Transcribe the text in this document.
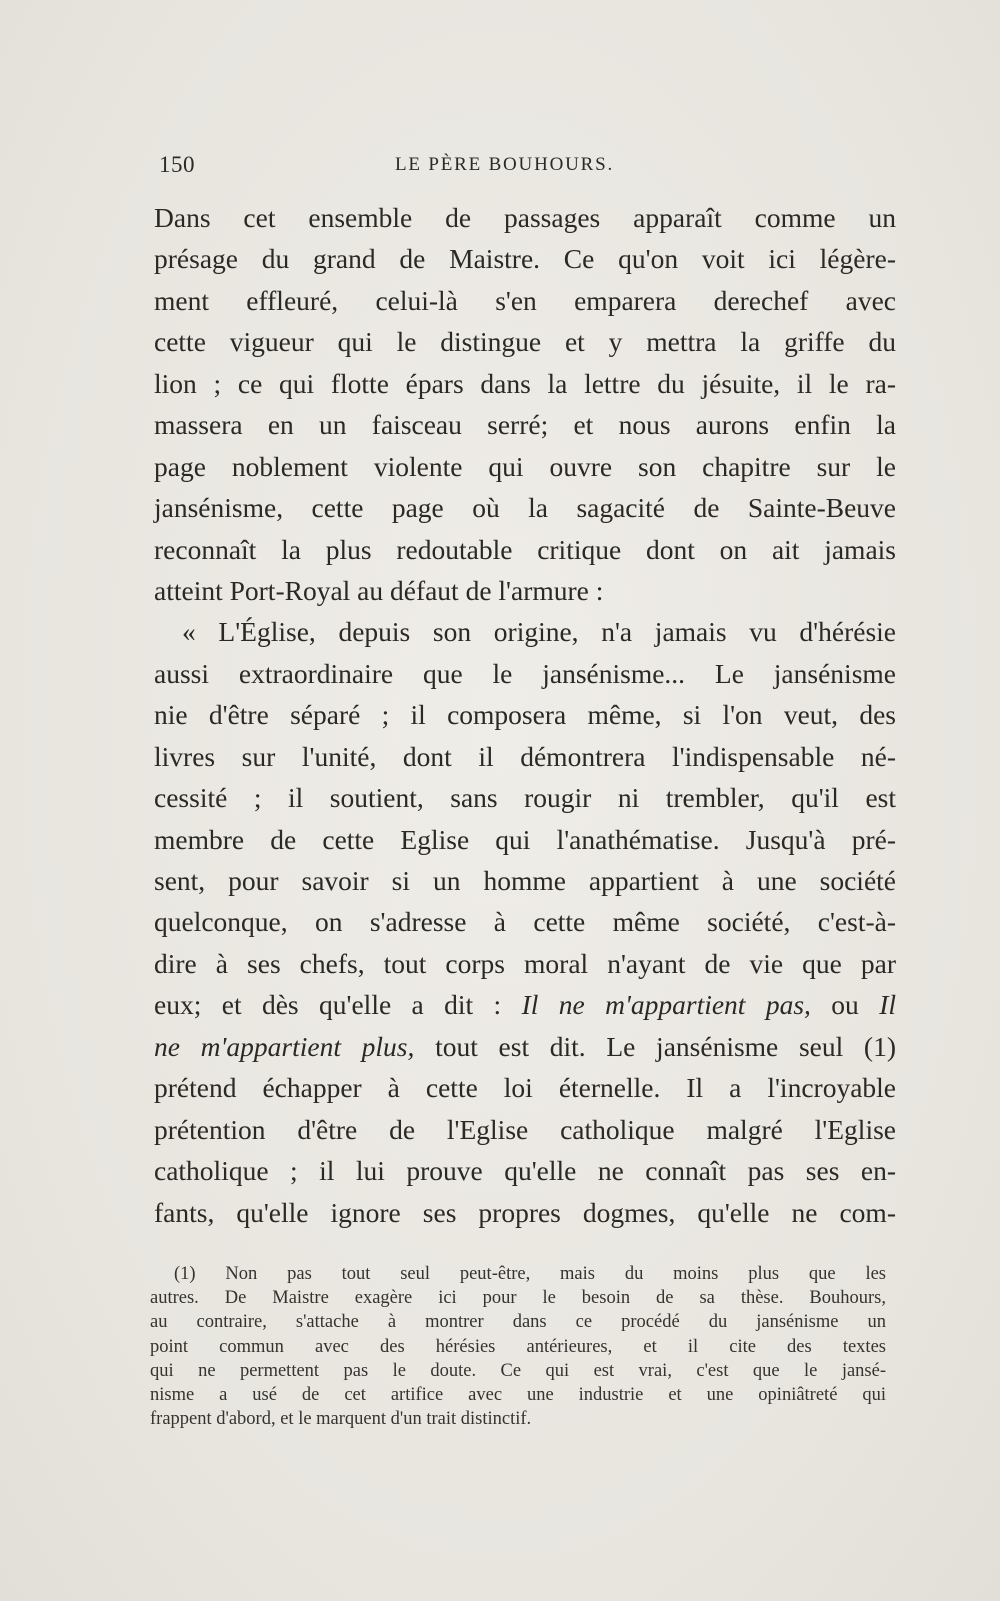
150	LE PÈRE BOUHOURS.
Dans cet ensemble de passages apparaît comme un
présage du grand de Maistre. Ce qu'on voit ici légère-
ment effleuré, celui-là s'en emparera derechef avec
cette vigueur qui le distingue et y mettra la griffe du
lion ; ce qui flotte épars dans la lettre du jésuite, il le ra-
massera en un faisceau serré; et nous aurons enfin la
page noblement violente qui ouvre son chapitre sur le
jansénisme, cette page où la sagacité de Sainte-Beuve
reconnaît la plus redoutable critique dont on ait jamais
atteint Port-Royal au défaut de l'armure :
« L'Église, depuis son origine, n'a jamais vu d'hérésie
aussi extraordinaire que le jansénisme... Le jansénisme
nie d'être séparé ; il composera même, si l'on veut, des
livres sur l'unité, dont il démontrera l'indispensable né-
cessité ; il soutient, sans rougir ni trembler, qu'il est
membre de cette Eglise qui l'anathématise. Jusqu'à pré-
sent, pour savoir si un homme appartient à une société
quelconque, on s'adresse à cette même société, c'est-à-
dire à ses chefs, tout corps moral n'ayant de vie que par
eux; et dès qu'elle a dit : Il ne m'appartient pas, ou Il
ne m'appartient plus, tout est dit. Le jansénisme seul (1)
prétend échapper à cette loi éternelle. Il a l'incroyable
prétention d'être de l'Eglise catholique malgré l'Eglise
catholique ; il lui prouve qu'elle ne connaît pas ses en-
fants, qu'elle ignore ses propres dogmes, qu'elle ne com-
(1) Non pas tout seul peut-être, mais du moins plus que les
autres. De Maistre exagère ici pour le besoin de sa thèse. Bouhours,
au contraire, s'attache à montrer dans ce procédé du jansénisme un
point commun avec des hérésies antérieures, et il cite des textes
qui ne permettent pas le doute. Ce qui est vrai, c'est que le jansé-
nisme a usé de cet artifice avec une industrie et une opiniâtreté qui
frappent d'abord, et le marquent d'un trait distinctif.
